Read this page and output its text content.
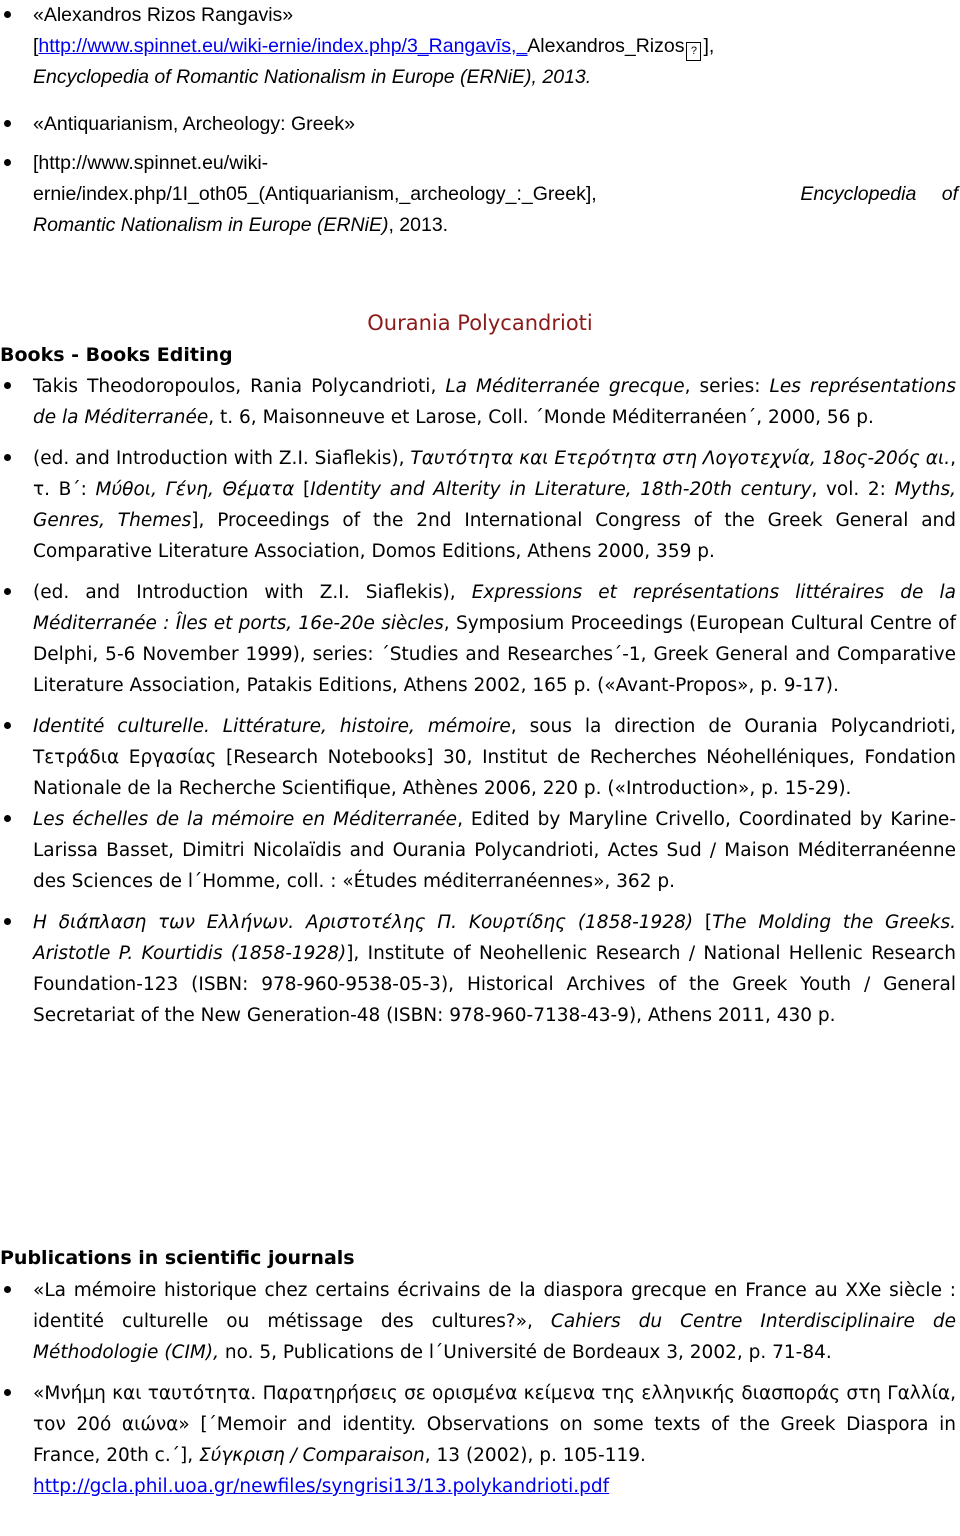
«Alexandros Rizos Rangavis»
[http://www.spinnet.eu/wiki-ernie/index.php/3_Rangavīs,_Alexandros_Rizos ? ],
Encyclopedia of Romantic Nationalism in Europe (ERNiE), 2013.
«Antiquarianism, Archeology: Greek»
[http://www.spinnet.eu/wiki-

ernie/index.php/1I_oth05_(Antiquarianism,_archeology_:_Greek],	Encyclopedia of
Romantic Nationalism in Europe (ERNiE), 2013.
Ourania Polycandrioti
Books - Books Editing
Takis Theodoropoulos, Rania Polycandrioti, La Méditerranée grecque, series: Les représentations de la Méditerranée, t. 6, Maisonneuve et Larose, Coll. ΄Monde Méditerranéen΄, 2000, 56 p.
(ed. and Introduction with Z.I. Siaflekis), Ταυτότητα και Ετερότητα στη Λογοτεχνία, 18ος-20ός αι., τ. Β΄: Μύθοι, Γένη, Θέματα [Identity and Alterity in Literature, 18th-20th century, vol. 2: Myths, Genres, Themes], Proceedings of the 2nd International Congress of the Greek General and Comparative Literature Association, Domos Editions, Athens 2000, 359 p.
(ed. and Introduction with Z.I. Siaflekis), Expressions et représentations littéraires de la Méditerranée : Îles et ports, 16e-20e siècles, Symposium Proceedings (European Cultural Centre of Delphi, 5-6 November 1999), series: ΄Studies and Researches΄-1, Greek General and Comparative Literature Association, Patakis Editions, Athens 2002, 165 p. («Avant-Propos», p. 9-17).
Identité culturelle. Littérature, histoire, mémoire, sous la direction de Ourania Polycandrioti, Τετράδια Εργασίας [Research Notebooks] 30, Institut de Recherches Néohelléniques, Fondation Nationale de la Recherche Scientifique, Athènes 2006, 220 p. («Introduction», p. 15-29).
Les échelles de la mémoire en Méditerranée, Edited by Maryline Crivello, Coordinated by Karine-Larissa Basset, Dimitri Nicolaïdis and Ourania Polycandrioti, Actes Sud / Maison Méditerranéenne des Sciences de l΄Homme, coll. : «Études méditerranéennes», 362 p.
Η διάπλαση των Ελλήνων. Αριστοτέλης Π. Κουρτίδης (1858-1928) [The Molding the Greeks. Aristotle P. Kourtidis (1858-1928)], Institute of Neohellenic Research / National Hellenic Research Foundation-123 (ISBN: 978-960-9538-05-3), Historical Archives of the Greek Youth / General Secretariat of the New Generation-48 (ISBN: 978-960-7138-43-9), Athens 2011, 430 p.
Publications in scientific journals
«La mémoire historique chez certains écrivains de la diaspora grecque en France au XXe siècle : identité culturelle ou métissage des cultures?», Cahiers du Centre Interdisciplinaire de Méthodologie (CIM), no. 5, Publications de l΄Université de Bordeaux 3, 2002, p. 71-84.
«Μνήμη και ταυτότητα. Παρατηρήσεις σε ορισμένα κείμενα της ελληνικής διασποράς στη Γαλλία, τον 20ό αιώνα» [΄Memoir and identity. Observations on some texts of the Greek Diaspora in France, 20th c.΄], Σύγκριση / Comparaison, 13 (2002), p. 105-119.
http://gcla.phil.uoa.gr/newfiles/syngrisi13/13.polykandrioti.pdf
